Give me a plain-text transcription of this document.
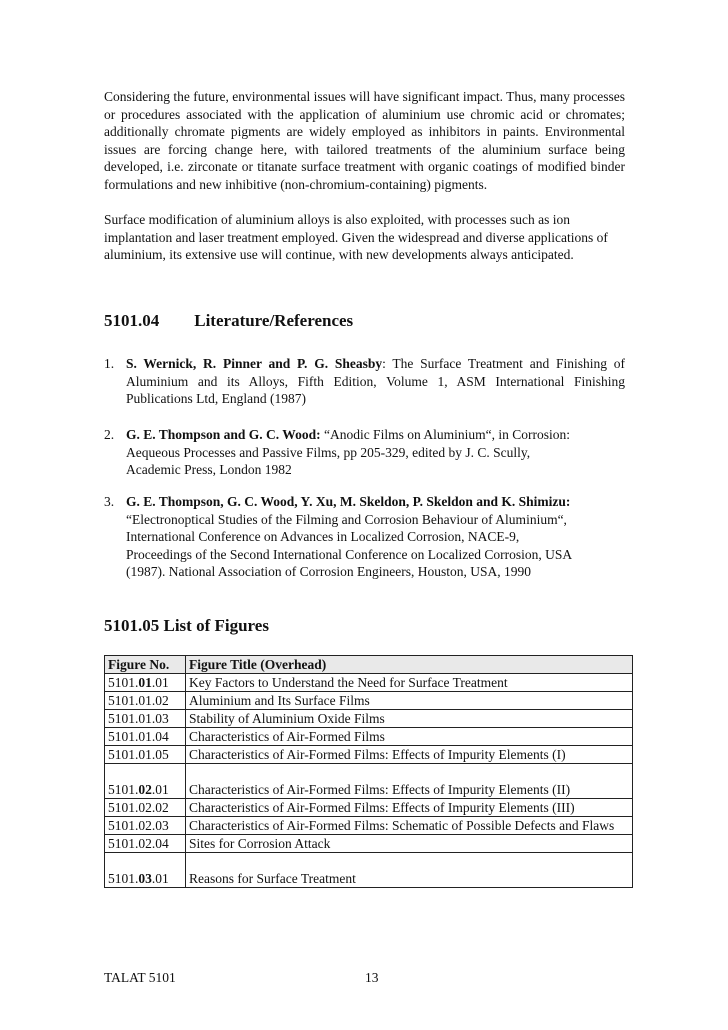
Considering the future, environmental issues will have significant impact. Thus, many processes or procedures associated with the application of aluminium use chromic acid or chromates; additionally chromate pigments are widely employed as inhibitors in paints. Environmental issues are forcing change here, with tailored treatments of the aluminium surface being developed, i.e. zirconate or titanate surface treatment with organic coatings of modified binder formulations and new inhibitive (non-chromium-containing) pigments.

Surface modification of aluminium alloys is also exploited, with processes such as ion implantation and laser treatment employed. Given the widespread and diverse applications of aluminium, its extensive use will continue, with new developments always anticipated.

5101.04 Literature/References
1. S. Wernick, R. Pinner and P. G. Sheasby: The Surface Treatment and Finishing of Aluminium and its Alloys, Fifth Edition, Volume 1, ASM International Finishing Publications Ltd, England (1987)
2. G. E. Thompson and G. C. Wood: “Anodic Films on Aluminium“, in Corrosion:
Aequeous Processes and Passive Films, pp 205-329, edited by J. C. Scully,
Academic Press, London 1982
3. G. E. Thompson, G. C. Wood, Y. Xu, M. Skeldon, P. Skeldon and K. Shimizu:
“Electronoptical Studies of the Filming and Corrosion Behaviour of Aluminium“,
International Conference on Advances in Localized Corrosion, NACE-9,
Proceedings of the Second International Conference on Localized Corrosion, USA
(1987). National Association of Corrosion Engineers, Houston, USA, 1990
5101.05 List of Figures
Figure No.	Figure Title (Overhead)
5101.01.01	Key Factors to Understand the Need for Surface Treatment
5101.01.02	Aluminium and Its Surface Films
5101.01.03	Stability of Aluminium Oxide Films
5101.01.04	Characteristics of Air-Formed Films
5101.01.05	Characteristics of Air-Formed Films: Effects of Impurity Elements (I)

5101.02.01	Characteristics of Air-Formed Films: Effects of Impurity Elements (II)
5101.02.02	Characteristics of Air-Formed Films: Effects of Impurity Elements (III)
5101.02.03	Characteristics of Air-Formed Films: Schematic of Possible Defects and Flaws
5101.02.04	Sites for Corrosion Attack

5101.03.01	Reasons for Surface Treatment
TALAT 5101	13
